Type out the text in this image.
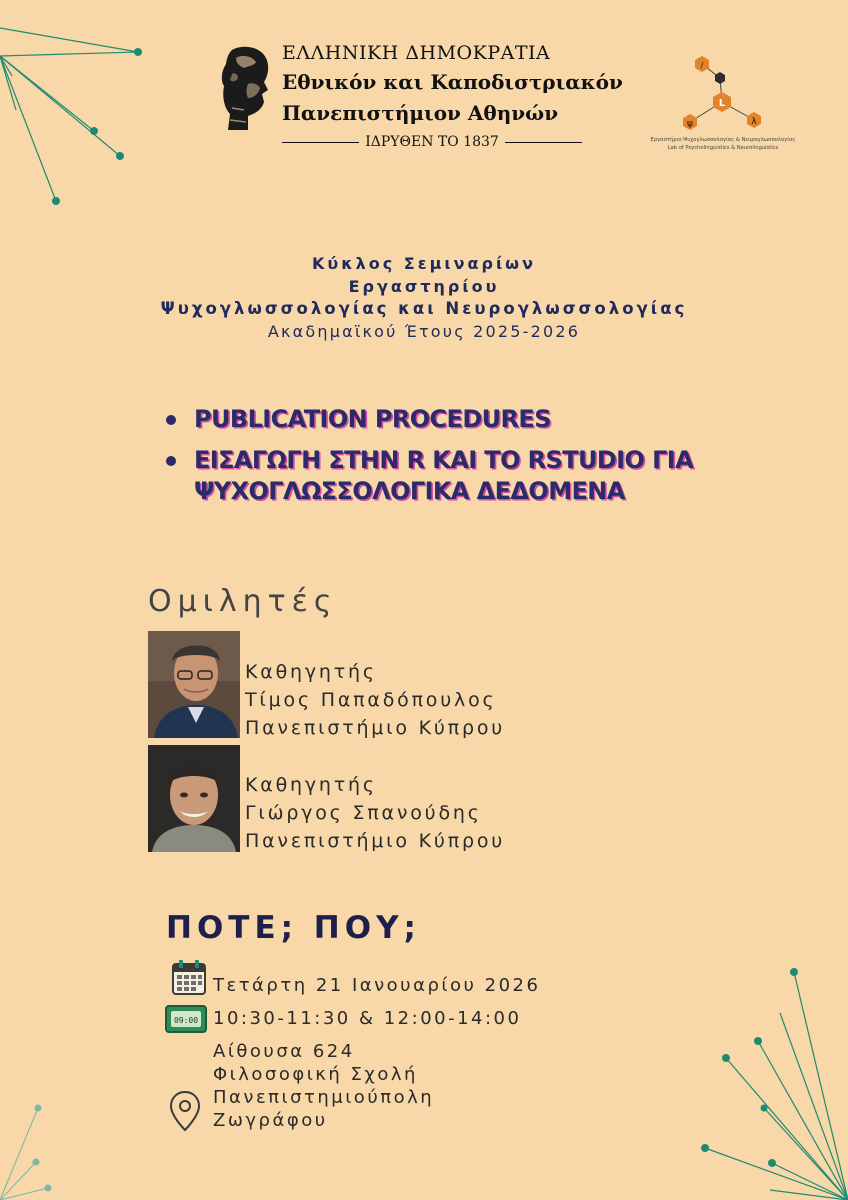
ΕΛΛΗΝΙΚΗ ΔΗΜΟΚΡΑΤΙΑ
Εθνικόν και Καποδιστριακόν
Πανεπιστήμιον Αθηνών
ΙΔΡΥΘΕΝ ΤΟ 1837
/
L
ψ	λ
Εργαστήριο Ψυχογλωσσολογίας & Νευρογλωσσολογίας
Lab of Psycholinguistics & Neurolinguistics
Κύκλος Σεμιναρίων
Εργαστηρίου
Ψυχογλωσσολογίας και Νευρογλωσσολογίας
Ακαδημαϊκού Έτους 2025-2026
PUBLICATION PROCEDURES
ΕΙΣΑΓΩΓΗ ΣΤΗΝ R ΚΑΙ ΤΟ RSTUDIO ΓΙΑ ΨΥΧΟΓΛΩΣΣΟΛΟΓΙΚΑ ΔΕΔΟΜΕΝΑ
Ομιλητές
Καθηγητής
Τίμος Παπαδόπουλος
Πανεπιστήμιο Κύπρου
Καθηγητής
Γιώργος Σπανούδης
Πανεπιστήμιο Κύπρου
ΠΟΤΕ; ΠΟΥ;
Τετάρτη 21 Ιανουαρίου 2026
09:00 10:30-11:30 & 12:00-14:00
Αίθουσα 624
Φιλοσοφική Σχολή
Πανεπιστημιούπολη
Ζωγράφου
